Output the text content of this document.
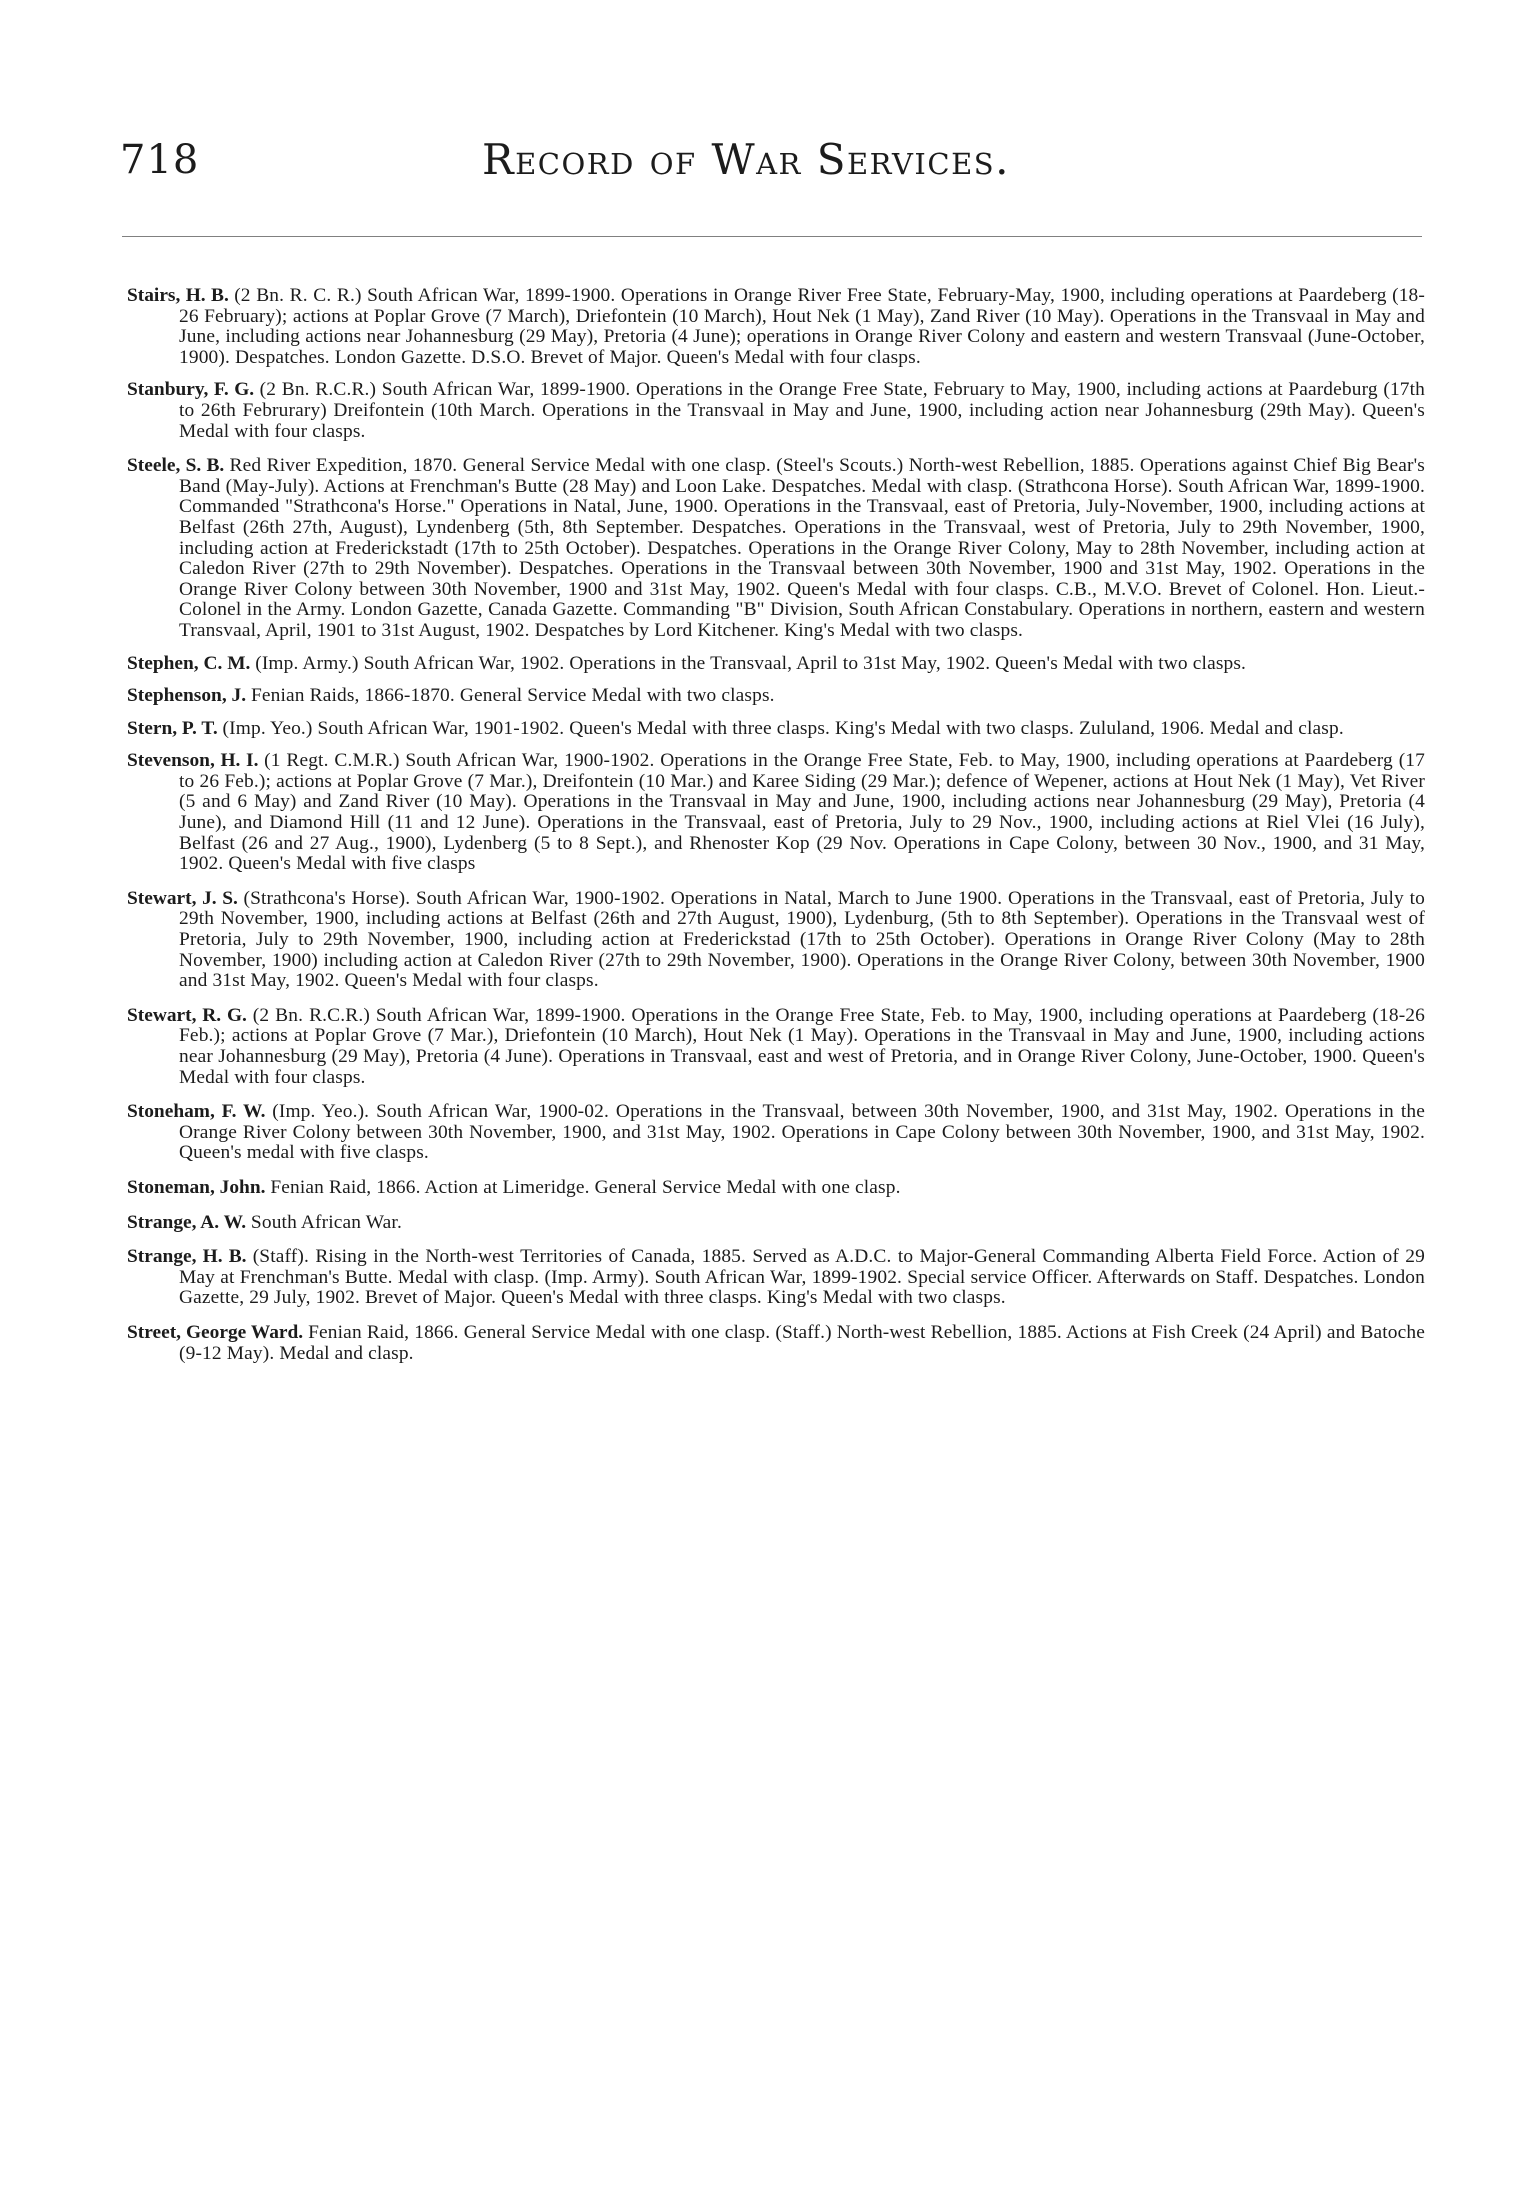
718	Record of War Services.

Stairs, H. B. (2 Bn. R. C. R.) South African War, 1899-1900. Operations in Orange River Free State, February-May, 1900, including operations at Paardeberg (18-26 February); actions at Poplar Grove (7 March), Driefontein (10 March), Hout Nek (1 May), Zand River (10 May). Operations in the Transvaal in May and June, including actions near Johannesburg (29 May), Pretoria (4 June); operations in Orange River Colony and eastern and western Transvaal (June-October, 1900). Despatches. London Gazette. D.S.O. Brevet of Major. Queen's Medal with four clasps.

Stanbury, F. G. (2 Bn. R.C.R.) South African War, 1899-1900. Operations in the Orange Free State, February to May, 1900, including actions at Paardeburg (17th to 26th Februrary) Dreifontein (10th March. Operations in the Transvaal in May and June, 1900, including action near Johannesburg (29th May). Queen's Medal with four clasps.

Steele, S. B. Red River Expedition, 1870. General Service Medal with one clasp. (Steel's Scouts.) North-west Rebellion, 1885. Operations against Chief Big Bear's Band (May-July). Actions at Frenchman's Butte (28 May) and Loon Lake. Despatches. Medal with clasp. (Strathcona Horse). South African War, 1899-1900. Commanded "Strathcona's Horse." Operations in Natal, June, 1900. Operations in the Transvaal, east of Pretoria, July-November, 1900, including actions at Belfast (26th 27th, August), Lyndenberg (5th, 8th September. Despatches. Operations in the Transvaal, west of Pretoria, July to 29th November, 1900, including action at Frederickstadt (17th to 25th October). Despatches. Operations in the Orange River Colony, May to 28th November, including action at Caledon River (27th to 29th November). Despatches. Operations in the Transvaal between 30th November, 1900 and 31st May, 1902. Operations in the Orange River Colony between 30th November, 1900 and 31st May, 1902. Queen's Medal with four clasps. C.B., M.V.O. Brevet of Colonel. Hon. Lieut.-Colonel in the Army. London Gazette, Canada Gazette. Commanding "B" Division, South African Constabulary. Operations in northern, eastern and western Transvaal, April, 1901 to 31st August, 1902. Despatches by Lord Kitchener. King's Medal with two clasps.

Stephen, C. M. (Imp. Army.) South African War, 1902. Operations in the Transvaal, April to 31st May, 1902. Queen's Medal with two clasps.

Stephenson, J. Fenian Raids, 1866-1870. General Service Medal with two clasps.

Stern, P. T. (Imp. Yeo.) South African War, 1901-1902. Queen's Medal with three clasps. King's Medal with two clasps. Zululand, 1906. Medal and clasp.

Stevenson, H. I. (1 Regt. C.M.R.) South African War, 1900-1902. Operations in the Orange Free State, Feb. to May, 1900, including operations at Paardeberg (17 to 26 Feb.); actions at Poplar Grove (7 Mar.), Dreifontein (10 Mar.) and Karee Siding (29 Mar.); defence of Wepener, actions at Hout Nek (1 May), Vet River (5 and 6 May) and Zand River (10 May). Operations in the Transvaal in May and June, 1900, including actions near Johannesburg (29 May), Pretoria (4 June), and Diamond Hill (11 and 12 June). Operations in the Transvaal, east of Pretoria, July to 29 Nov., 1900, including actions at Riel Vlei (16 July), Belfast (26 and 27 Aug., 1900), Lydenberg (5 to 8 Sept.), and Rhenoster Kop (29 Nov. Operations in Cape Colony, between 30 Nov., 1900, and 31 May, 1902. Queen's Medal with five clasps

Stewart, J. S. (Strathcona's Horse). South African War, 1900-1902. Operations in Natal, March to June 1900. Operations in the Transvaal, east of Pretoria, July to 29th November, 1900, including actions at Belfast (26th and 27th August, 1900), Lydenburg, (5th to 8th September). Operations in the Transvaal west of Pretoria, July to 29th November, 1900, including action at Frederickstad (17th to 25th October). Operations in Orange River Colony (May to 28th November, 1900) including action at Caledon River (27th to 29th November, 1900). Operations in the Orange River Colony, between 30th November, 1900 and 31st May, 1902. Queen's Medal with four clasps.

Stewart, R. G. (2 Bn. R.C.R.) South African War, 1899-1900. Operations in the Orange Free State, Feb. to May, 1900, including operations at Paardeberg (18-26 Feb.); actions at Poplar Grove (7 Mar.), Driefontein (10 March), Hout Nek (1 May). Operations in the Transvaal in May and June, 1900, including actions near Johannesburg (29 May), Pretoria (4 June). Operations in Transvaal, east and west of Pretoria, and in Orange River Colony, June-October, 1900. Queen's Medal with four clasps.

Stoneham, F. W. (Imp. Yeo.). South African War, 1900-02. Operations in the Transvaal, between 30th November, 1900, and 31st May, 1902. Operations in the Orange River Colony between 30th November, 1900, and 31st May, 1902. Operations in Cape Colony between 30th November, 1900, and 31st May, 1902. Queen's medal with five clasps.

Stoneman, John. Fenian Raid, 1866. Action at Limeridge. General Service Medal with one clasp.

Strange, A. W. South African War.

Strange, H. B. (Staff). Rising in the North-west Territories of Canada, 1885. Served as A.D.C. to Major-General Commanding Alberta Field Force. Action of 29 May at Frenchman's Butte. Medal with clasp. (Imp. Army). South African War, 1899-1902. Special service Officer. Afterwards on Staff. Despatches. London Gazette, 29 July, 1902. Brevet of Major. Queen's Medal with three clasps. King's Medal with two clasps.

Street, George Ward. Fenian Raid, 1866. General Service Medal with one clasp. (Staff.) North-west Rebellion, 1885. Actions at Fish Creek (24 April) and Batoche (9-12 May). Medal and clasp.
